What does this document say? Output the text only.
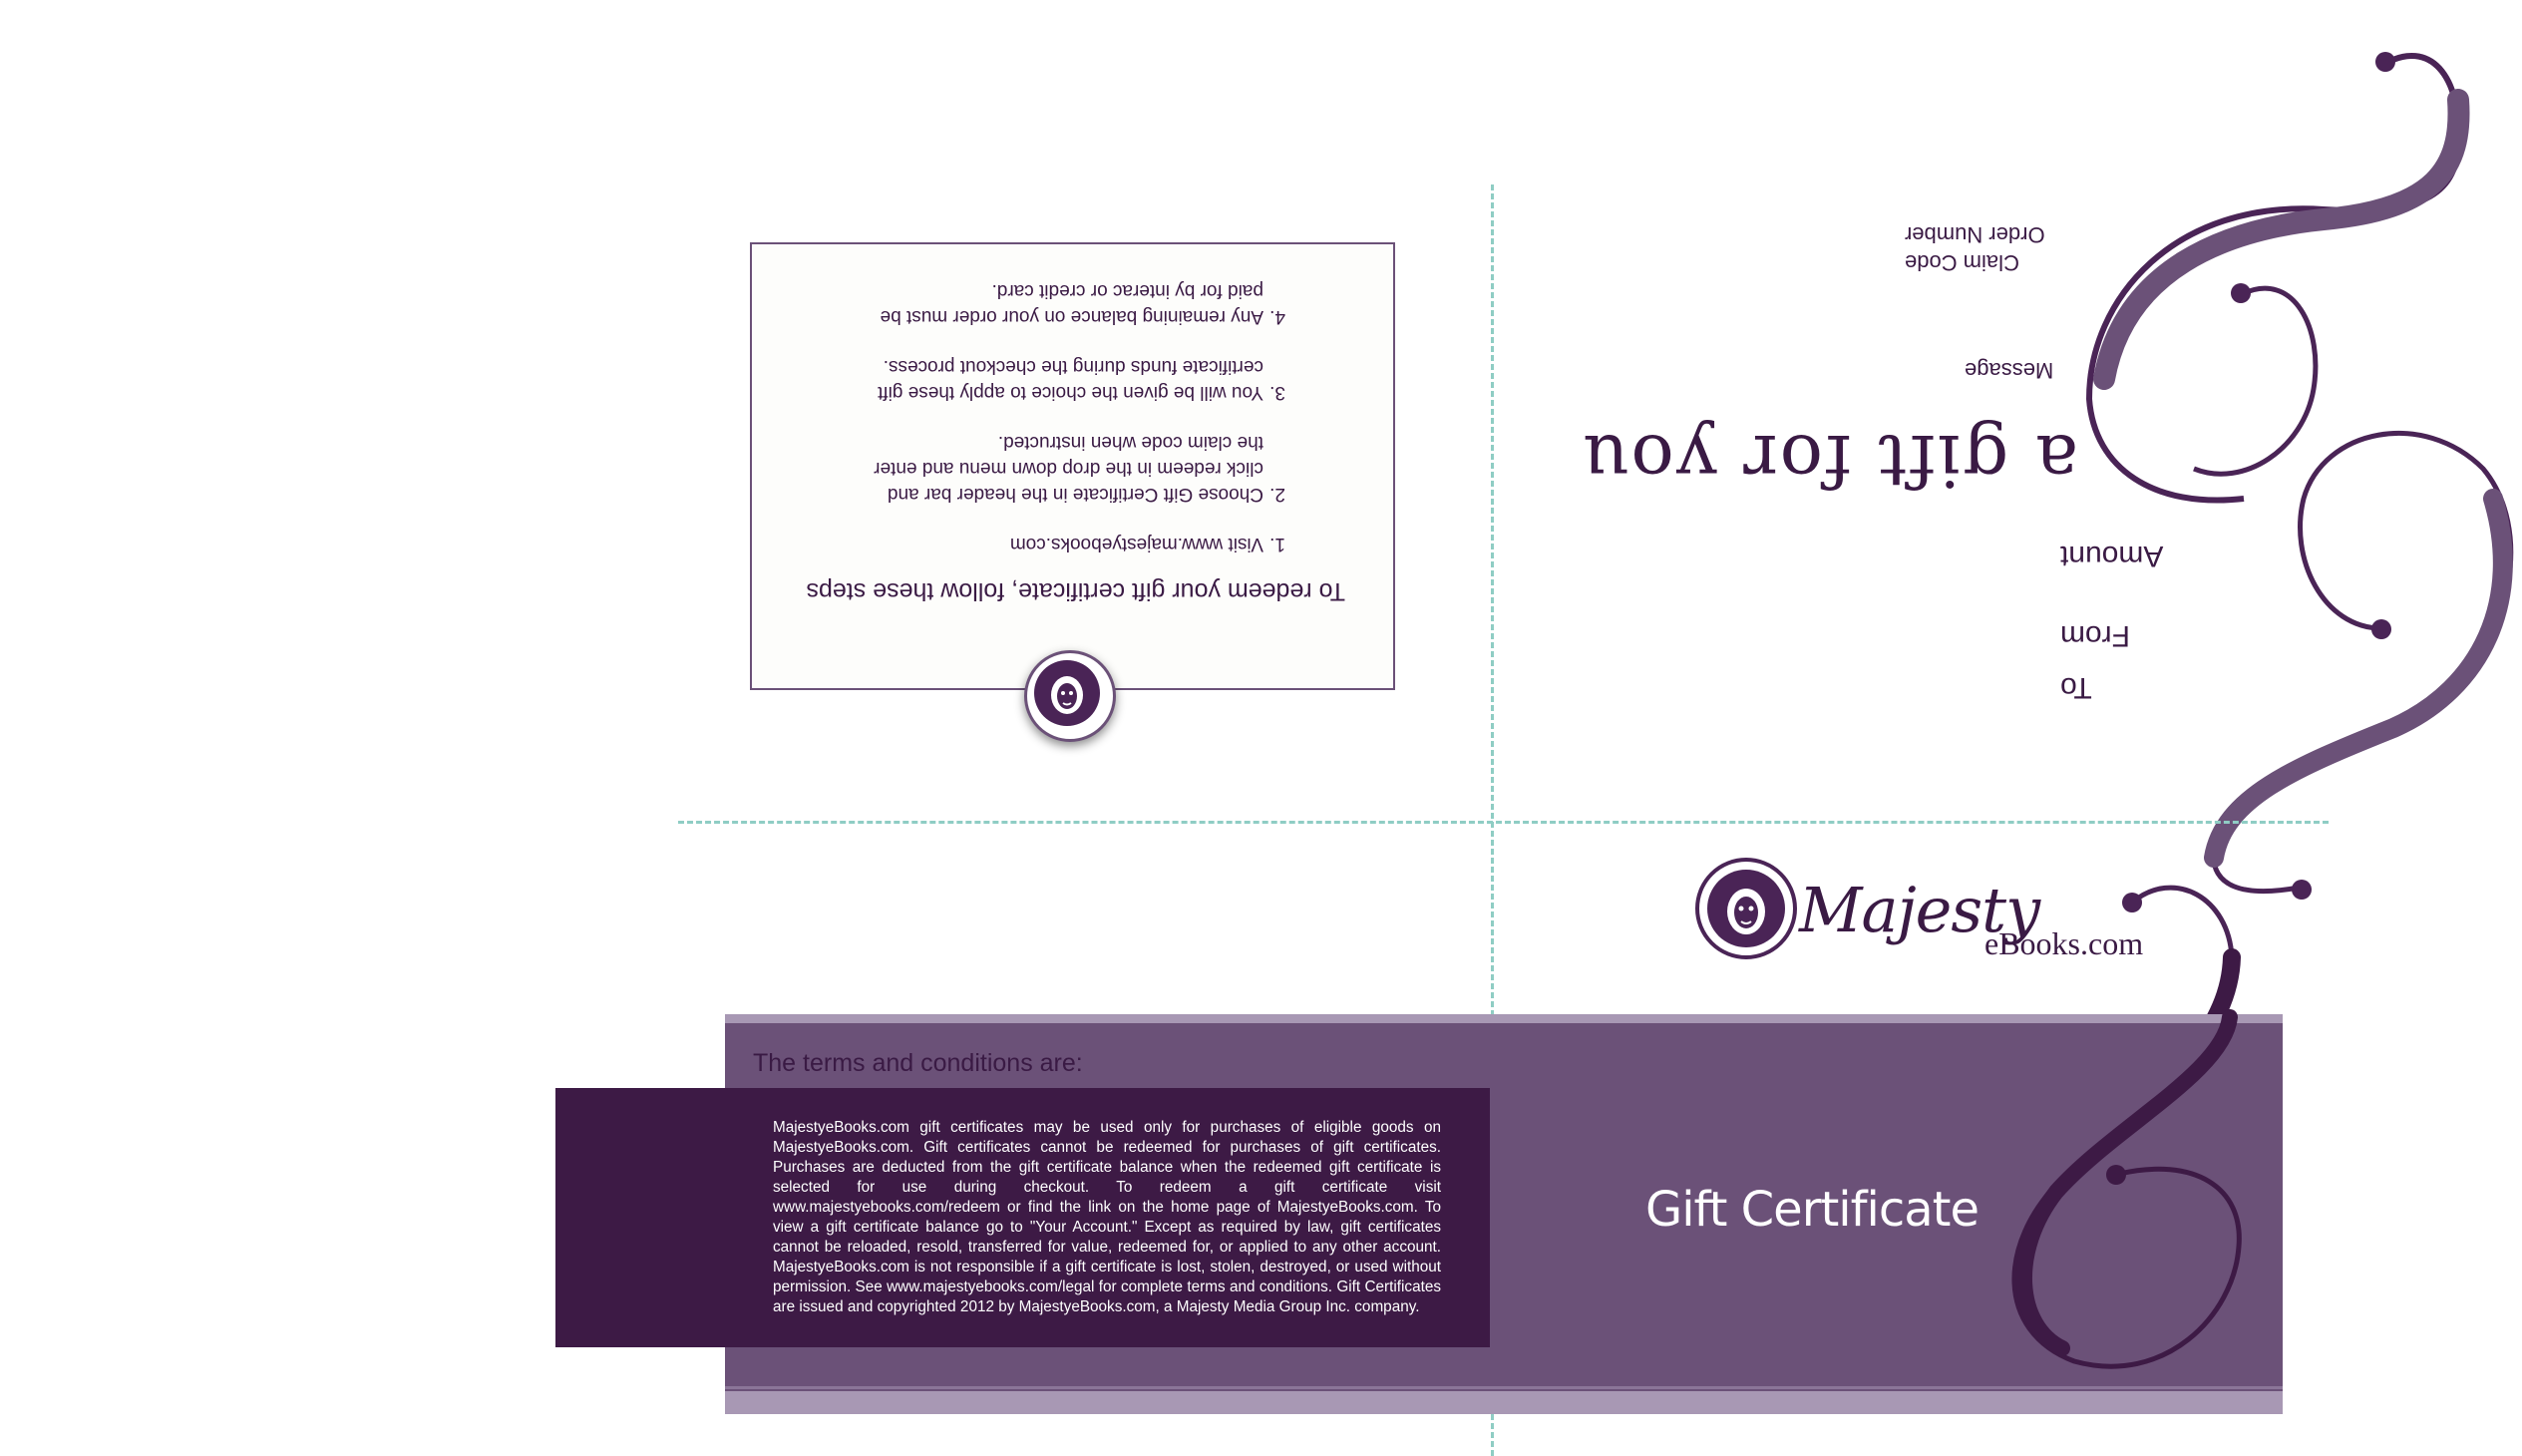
To redeem your gift certificate, follow these steps
1.
Visit www.majestyebooks.com
2.
Choose Gift Certificate in the header bar and
click redeem in the drop down menu and enter
the claim code when instructed.
3.
You will be given the choice to apply these gift
certificate funds during the checkout process.
4.
Any remaining balance on your order must be
paid for by interac or credit card.
Order Number
Claim Code
Message
a gift for you
Amount
From
To
Majesty
eBooks.com
The terms and conditions are:
MajestyeBooks.com gift certificates may be used only for purchases of eligible goods on MajestyeBooks.com. Gift certificates cannot be redeemed for purchases of gift certificates. Purchases are deducted from the gift certificate balance when the redeemed gift certificate is selected for use during checkout. To redeem a gift certificate visit www.majestyebooks.com/redeem or find the link on the home page of MajestyeBooks.com. To view a gift certificate balance go to "Your Account." Except as required by law, gift certificates cannot be reloaded, resold, transferred for value, redeemed for, or applied to any other account. MajestyeBooks.com is not responsible if a gift certificate is lost, stolen, destroyed, or used without permission. See www.majestyebooks.com/legal for complete terms and conditions. Gift Certificates are issued and copyrighted 2012 by MajestyeBooks.com, a Majesty Media Group Inc. company.
Gift Certificate
